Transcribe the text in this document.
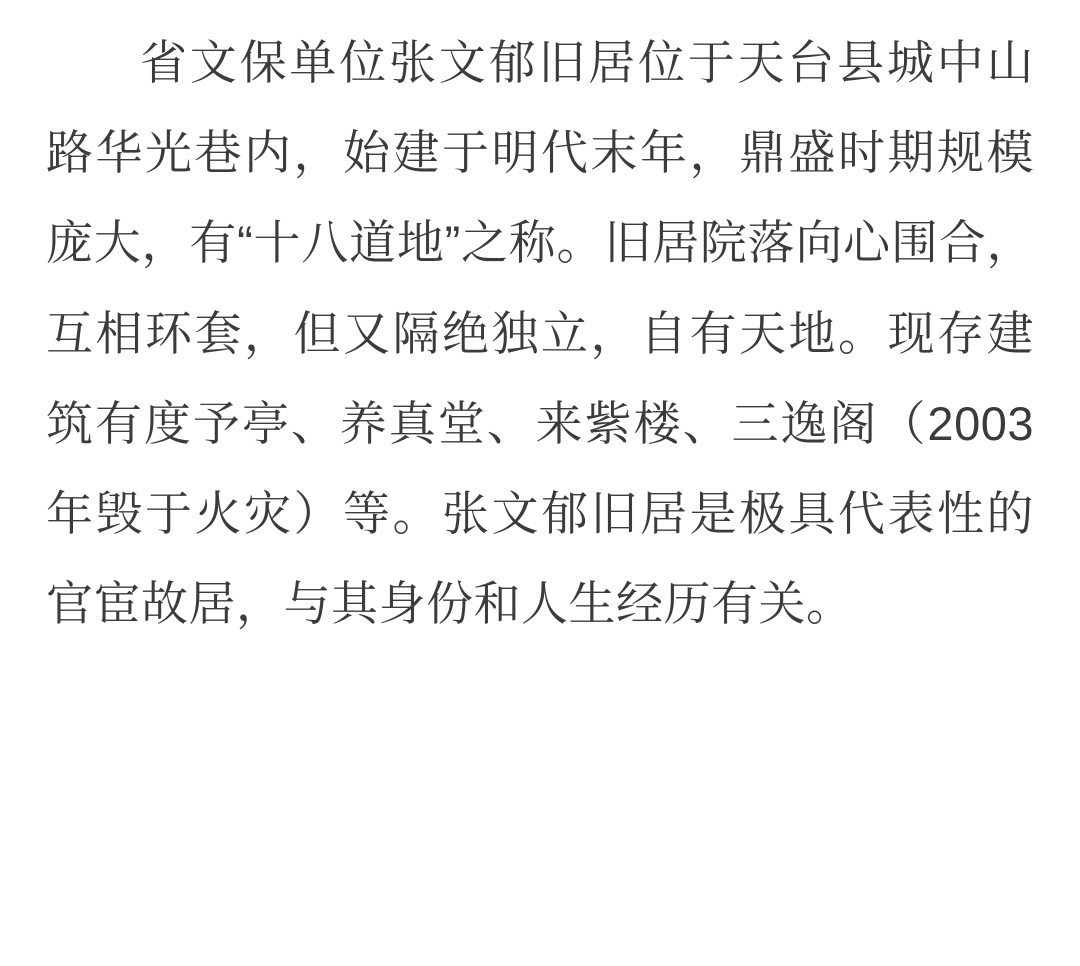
省文保单位张文郁旧居位于天台县城中山路华光巷内，始建于明代末年，鼎盛时期规模庞大，有“十八道地”之称。旧居院落向心围合，互相环套，但又隔绝独立，自有天地。现存建筑有度予亭、养真堂、来紫楼、三逸阁（2003年毁于火灾）等。张文郁旧居是极具代表性的官宦故居，与其身份和人生经历有关。
